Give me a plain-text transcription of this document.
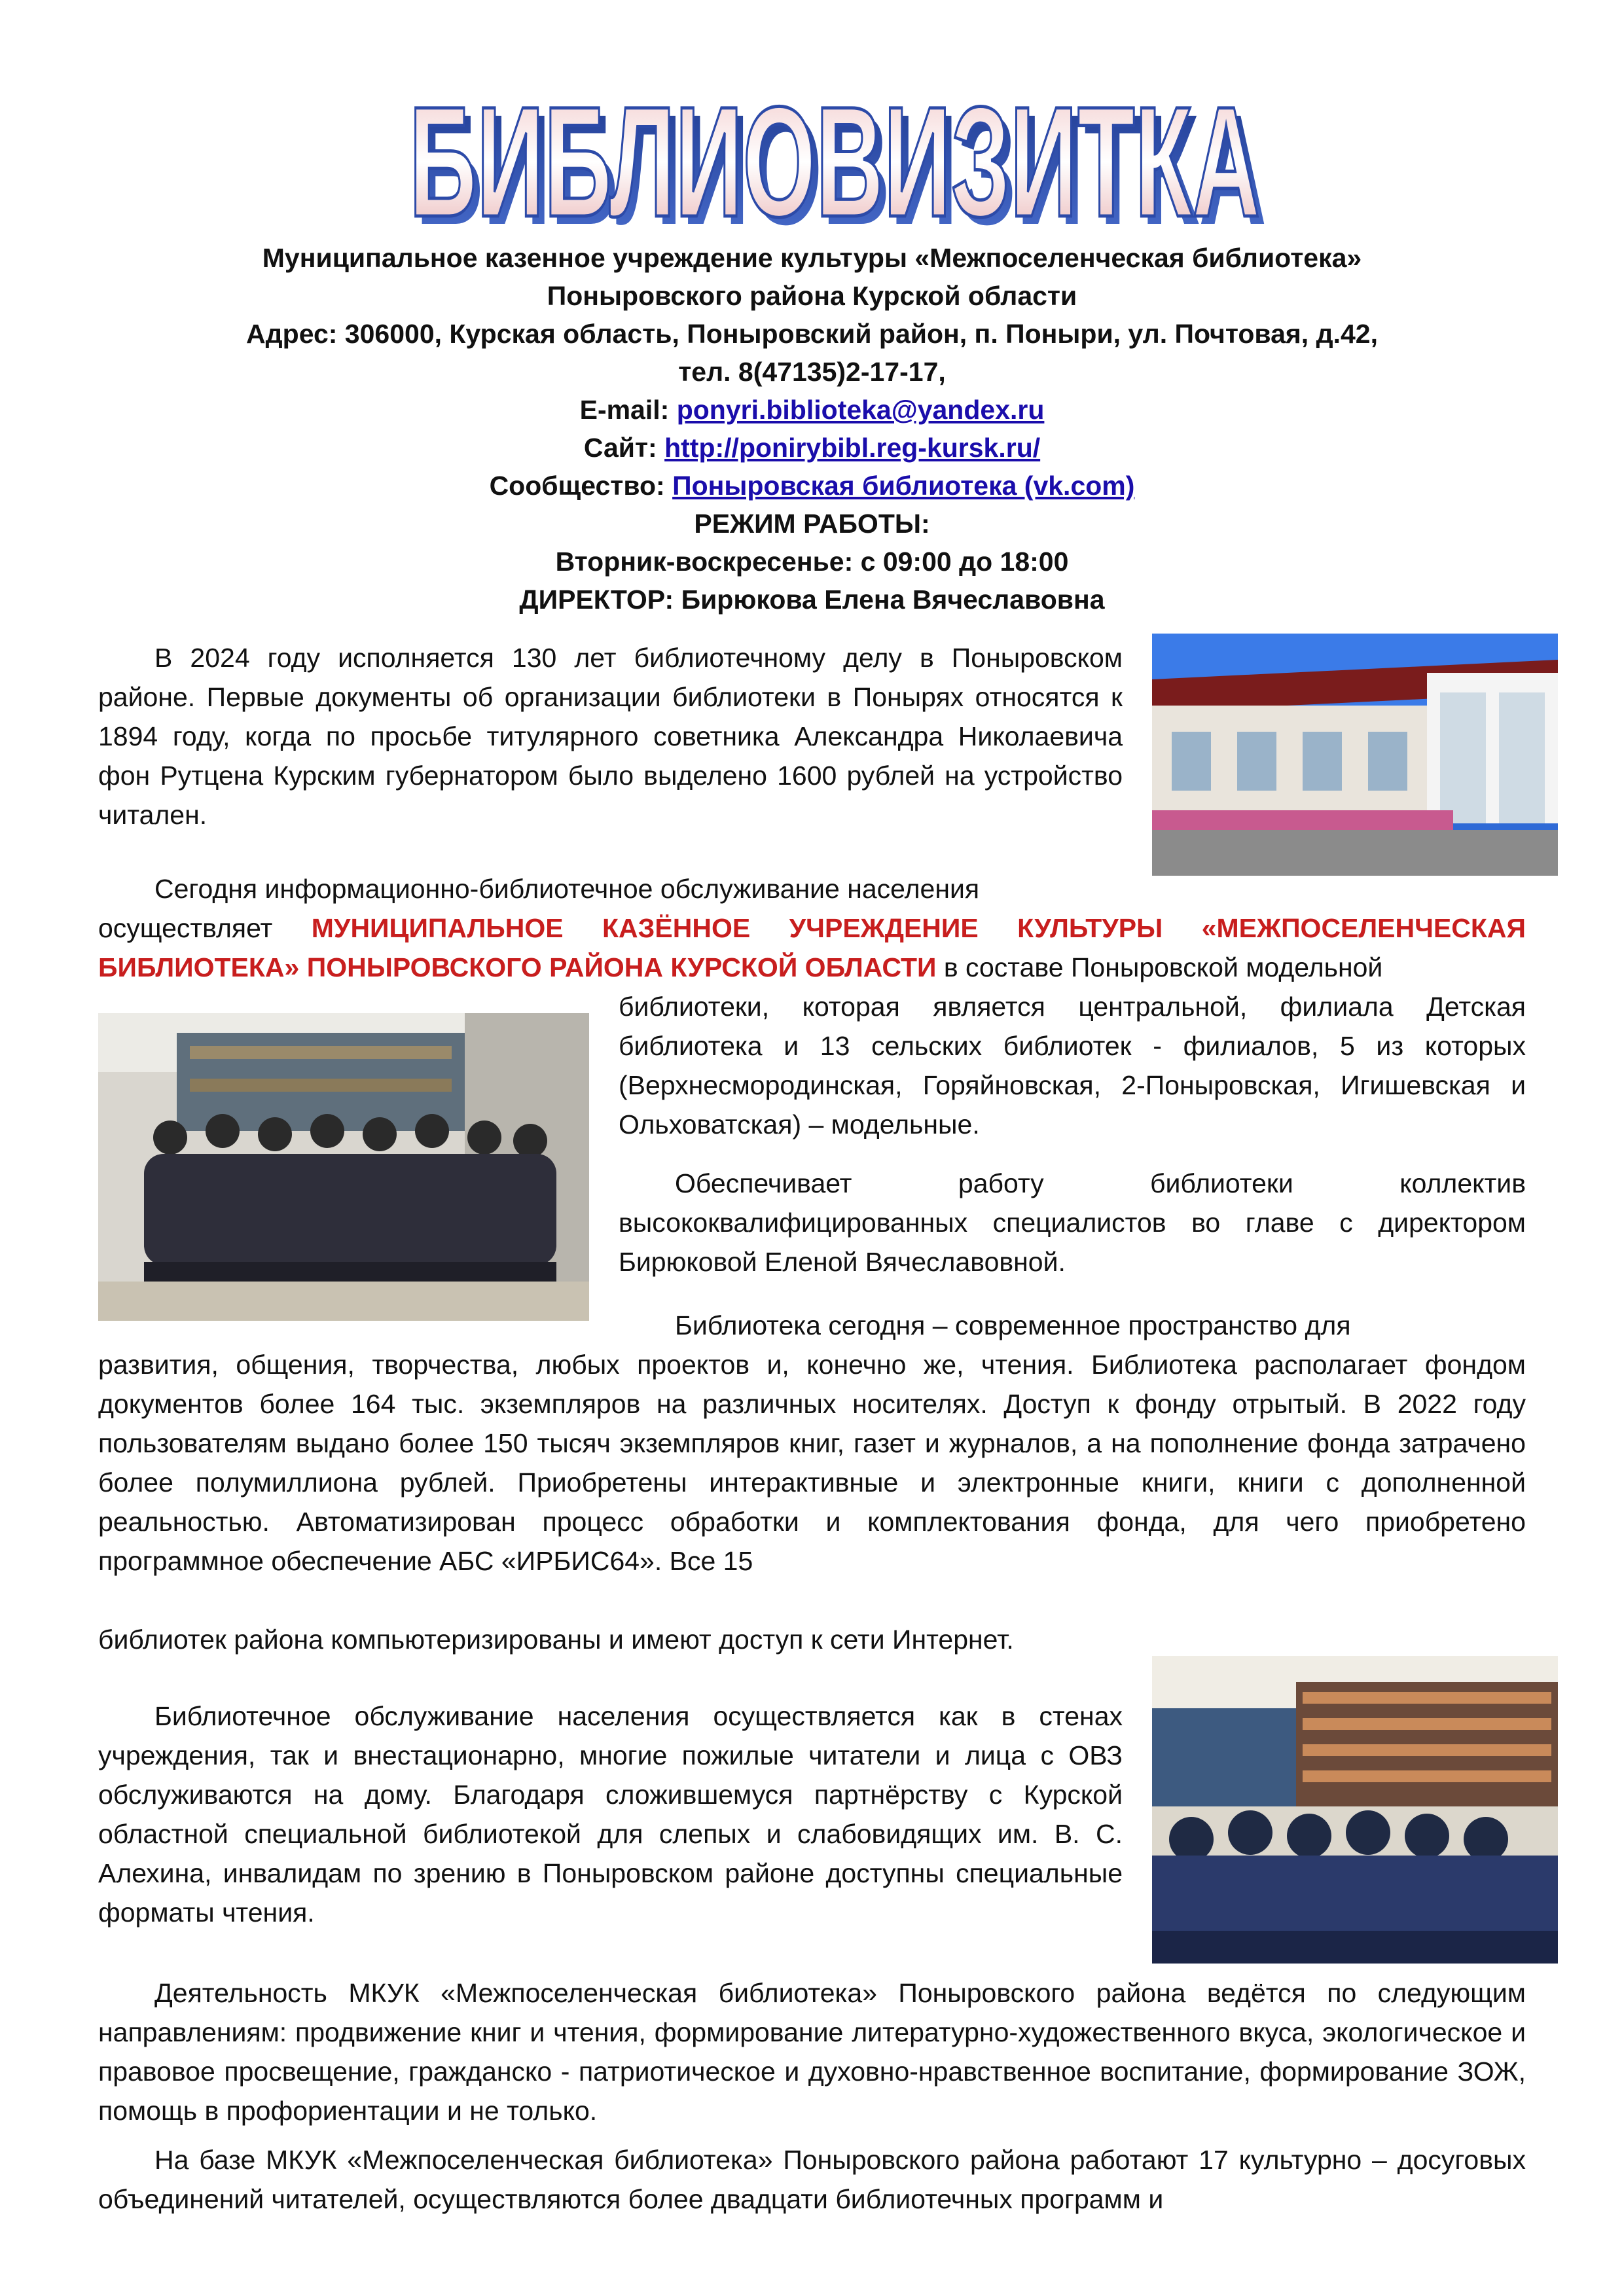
БИБЛИОВИЗИТКА
БИБЛИОВИЗИТКА
Муниципальное казенное учреждение культуры «Межпоселенческая библиотека»
Поныровского района Курской области
Адрес: 306000, Курская область, Поныровский район, п. Поныри, ул. Почтовая, д.42,
тел. 8(47135)2-17-17,
E-mail: ponyri.biblioteka@yandex.ru
Сайт: http://ponirybibl.reg-kursk.ru/
Сообщество: Поныровская библиотека (vk.com)
РЕЖИМ РАБОТЫ:
Вторник-воскресенье: с 09:00 до 18:00
ДИРЕКТОР: Бирюкова Елена Вячеславовна

В 2024 году исполняется 130 лет библиотечному делу в Поныровском районе. Первые документы об организации библиотеки в Понырях относятся к 1894 году, когда по просьбе титулярного советника Александра Николаевича фон Рутцена Курским губернатором было выделено 1600 рублей на устройство читален.

Сегодня информационно-библиотечное обслуживание населения

осуществляет МУНИЦИПАЛЬНОЕ КАЗЁННОЕ УЧРЕЖДЕНИЕ КУЛЬТУРЫ «МЕЖПОСЕЛЕНЧЕСКАЯ БИБЛИОТЕКА» ПОНЫРОВСКОГО РАЙОНА КУРСКОЙ ОБЛАСТИ в составе Поныровской модельной

библиотеки, которая является центральной, филиала Детская библиотека и 13 сельских библиотек - филиалов, 5 из которых (Верхнесмородинская, Горяйновская, 2-Поныровская, Игишевская и Ольховатская) – модельные.

Обеспечивает работу библиотеки коллектив высококвалифицированных специалистов во главе с директором Бирюковой Еленой Вячеславовной.

Библиотека сегодня – современное пространство для

развития, общения, творчества, любых проектов и, конечно же, чтения. Библиотека располагает фондом документов более 164 тыс. экземпляров на различных носителях. Доступ к фонду отрытый. В 2022 году пользователям выдано более 150 тысяч экземпляров книг, газет и журналов, а на пополнение фонда затрачено более полумиллиона рублей. Приобретены интерактивные и электронные книги, книги с дополненной реальностью. Автоматизирован процесс обработки и комплектования фонда, для чего приобретено программное обеспечение АБС «ИРБИС64». Все 15

библиотек района компьютеризированы и имеют доступ к сети Интернет.

Библиотечное обслуживание населения осуществляется как в стенах учреждения, так и внестационарно, многие пожилые читатели и лица с ОВЗ обслуживаются на дому. Благодаря сложившемуся партнёрству с Курской областной специальной библиотекой для слепых и слабовидящих им. В. С. Алехина, инвалидам по зрению в Поныровском районе доступны специальные форматы чтения.

Деятельность МКУК «Межпоселенческая библиотека» Поныровского района ведётся по следующим направлениям: продвижение книг и чтения, формирование литературно-художественного вкуса, экологическое и правовое просвещение, гражданско - патриотическое и духовно-нравственное воспитание, формирование ЗОЖ, помощь в профориентации и не только.

На базе МКУК «Межпоселенческая библиотека» Поныровского района работают 17 культурно – досуговых объединений читателей, осуществляются более двадцати библиотечных программ и
